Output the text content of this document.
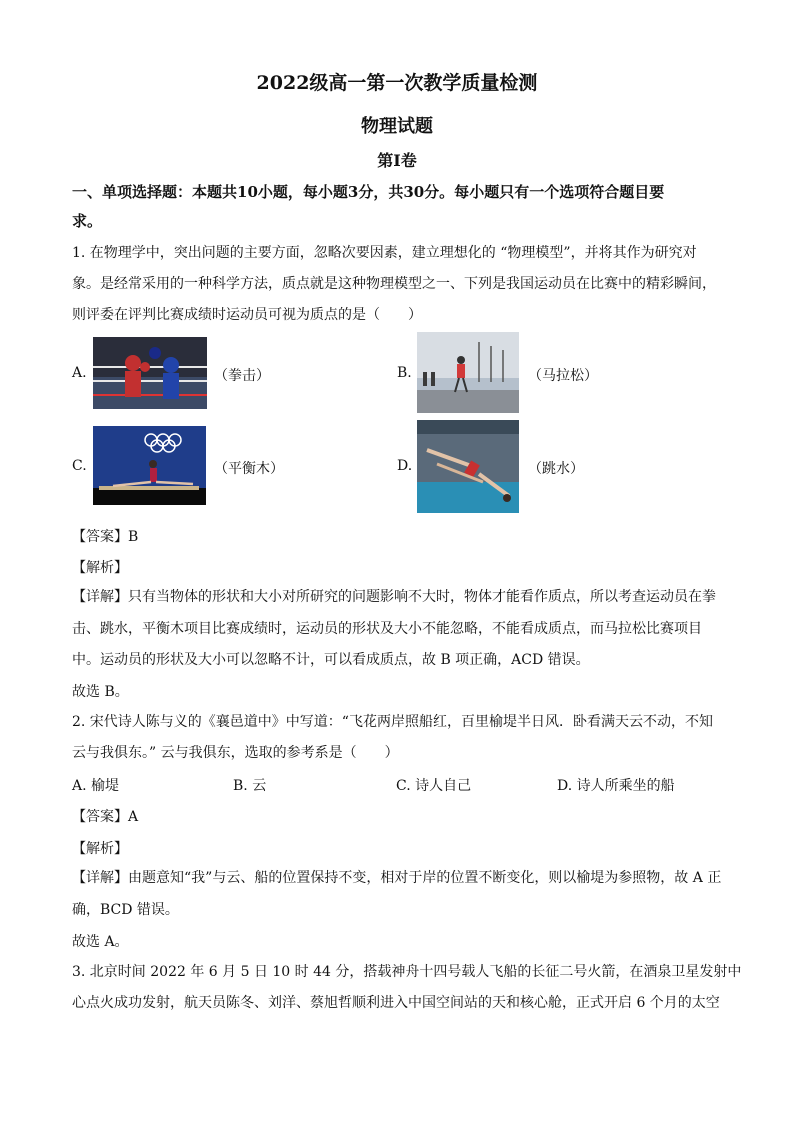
2022级高一第一次教学质量检测
物理试题
第I卷
一、单项选择题：本题共10小题，每小题3分，共30分。每小题只有一个选项符合题目要
求。
1. 在物理学中，突出问题的主要方面，忽略次要因素，建立理想化的 “物理模型”，并将其作为研究对
象。是经常采用的一种科学方法，质点就是这种物理模型之一、下列是我国运动员在比赛中的精彩瞬间，
则评委在评判比赛成绩时运动员可视为质点的是（　　）
A.	（拳击）	B.	（马拉松）
C.	（平衡木）	D.	（跳水）
【答案】B
【解析】
【详解】只有当物体的形状和大小对所研究的问题影响不大时，物体才能看作质点，所以考查运动员在拳
击、跳水，平衡木项目比赛成绩时，运动员的形状及大小不能忽略，不能看成质点，而马拉松比赛项目
中。运动员的形状及大小可以忽略不计，可以看成质点，故 B 项正确，ACD 错误。
故选 B。
2. 宋代诗人陈与义的《襄邑道中》中写道：“飞花两岸照船红，百里榆堤半日风．卧看满天云不动，不知
云与我俱东。” 云与我俱东，选取的参考系是（　　）
A. 榆堤	B. 云	C. 诗人自己	D. 诗人所乘坐的船
【答案】A
【解析】
【详解】由题意知“我”与云、船的位置保持不变，相对于岸的位置不断变化，则以榆堤为参照物，故 A 正
确，BCD 错误。
故选 A。
3. 北京时间 2022 年 6 月 5 日 10 时 44 分，搭载神舟十四号载人飞船的长征二号火箭，在酒泉卫星发射中
心点火成功发射，航天员陈冬、刘洋、蔡旭哲顺利进入中国空间站的天和核心舱，正式开启 6 个月的太空
